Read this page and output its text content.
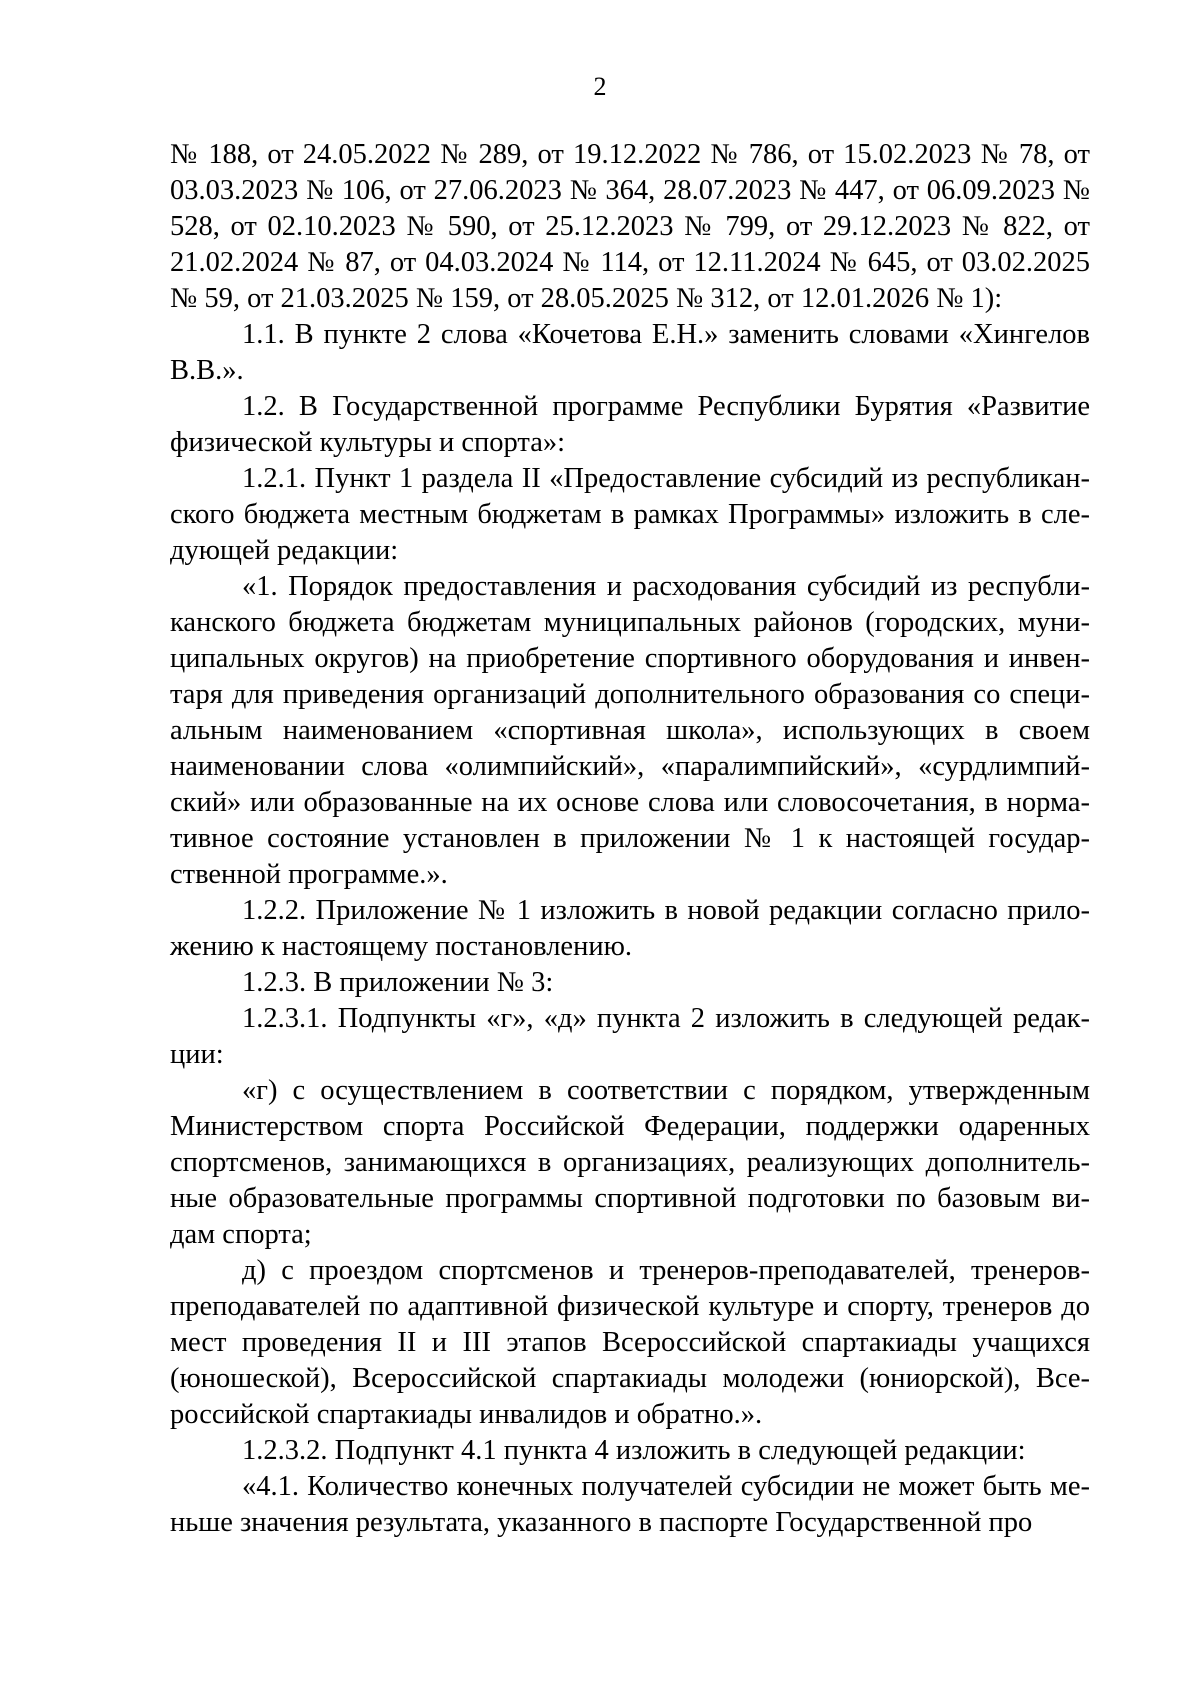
2

№ 188, от 24.05.2022 № 289, от 19.12.2022 № 786, от 15.02.2023 № 78, от 03.03.2023 № 106, от 27.06.2023 № 364, 28.07.2023 № 447, от 06.09.2023 № 528, от 02.10.2023 № 590, от 25.12.2023 № 799, от 29.12.2023 № 822, от 21.02.2024 № 87, от 04.03.2024 № 114, от 12.11.2024 № 645, от 03.02.2025 № 59, от 21.03.2025 № 159, от 28.05.2025 № 312, от 12.01.2026 № 1):

1.1. В пункте 2 слова «Кочетова Е.Н.» заменить словами «Хингелов В.В.».

1.2. В Государственной программе Республики Бурятия «Развитие физической культуры и спорта»:

1.2.1. Пункт 1 раздела II «Предоставление субсидий из республиканского бюджета местным бюджетам в рамках Программы» изложить в следующей редакции:

«1. Порядок предоставления и расходования субсидий из республиканского бюджета бюджетам муниципальных районов (городских, муниципальных округов) на приобретение спортивного оборудования и инвентаря для приведения организаций дополнительного образования со специальным наименованием «спортивная школа», использующих в своем наименовании слова «олимпийский», «паралимпийский», «сурдлимпийский» или образованные на их основе слова или словосочетания, в нормативное состояние установлен в приложении № 1 к настоящей государственной программе.».

1.2.2. Приложение № 1 изложить в новой редакции согласно приложению к настоящему постановлению.

1.2.3. В приложении № 3:

1.2.3.1. Подпункты «г», «д» пункта 2 изложить в следующей редакции:

«г) с осуществлением в соответствии с порядком, утвержденным Министерством спорта Российской Федерации, поддержки одаренных спортсменов, занимающихся в организациях, реализующих дополнительные образовательные программы спортивной подготовки по базовым видам спорта;

д) с проездом спортсменов и тренеров-преподавателей, тренеров-преподавателей по адаптивной физической культуре и спорту, тренеров до мест проведения II и III этапов Всероссийской спартакиады учащихся (юношеской), Всероссийской спартакиады молодежи (юниорской), Всероссийской спартакиады инвалидов и обратно.».

1.2.3.2. Подпункт 4.1 пункта 4 изложить в следующей редакции:

«4.1. Количество конечных получателей субсидии не может быть меньше значения результата, указанного в паспорте Государственной про
